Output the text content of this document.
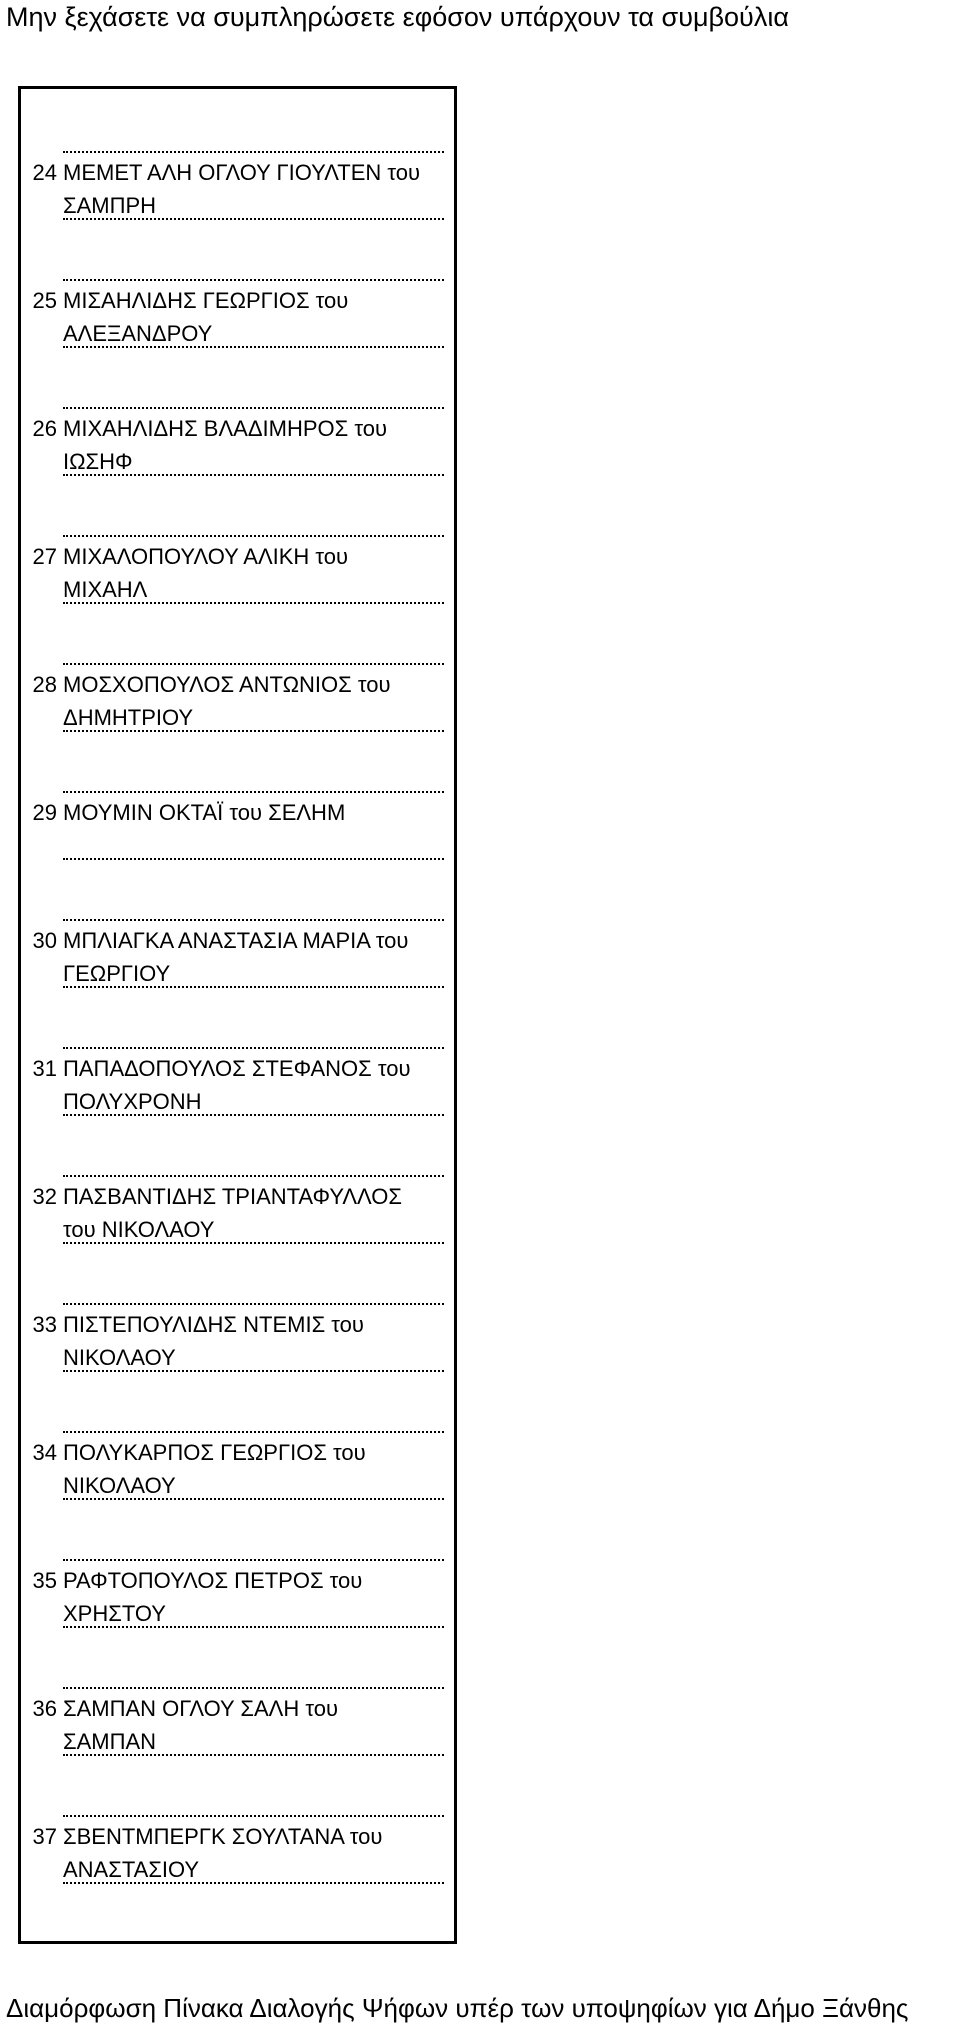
Μην ξεχάσετε να συμπληρώσετε εφόσον υπάρχουν τα συμβούλια
24 ΜΕΜΕΤ ΑΛΗ ΟΓΛΟΥ ΓΙΟΥΛΤΕΝ του ΣΑΜΠΡΗ
25 ΜΙΣΑΗΛΙΔΗΣ ΓΕΩΡΓΙΟΣ του ΑΛΕΞΑΝΔΡΟΥ
26 ΜΙΧΑΗΛΙΔΗΣ ΒΛΑΔΙΜΗΡΟΣ του ΙΩΣΗΦ
27 ΜΙΧΑΛΟΠΟΥΛΟΥ ΑΛΙΚΗ του ΜΙΧΑΗΛ
28 ΜΟΣΧΟΠΟΥΛΟΣ ΑΝΤΩΝΙΟΣ του ΔΗΜΗΤΡΙΟΥ
29 ΜΟΥΜΙΝ ΟΚΤΑΪ του ΣΕΛΗΜ
30 ΜΠΛΙΑΓΚΑ ΑΝΑΣΤΑΣΙΑ ΜΑΡΙΑ του ΓΕΩΡΓΙΟΥ
31 ΠΑΠΑΔΟΠΟΥΛΟΣ ΣΤΕΦΑΝΟΣ του ΠΟΛΥΧΡΟΝΗ
32 ΠΑΣΒΑΝΤΙΔΗΣ ΤΡΙΑΝΤΑΦΥΛΛΟΣ του ΝΙΚΟΛΑΟΥ
33 ΠΙΣΤΕΠΟΥΛΙΔΗΣ ΝΤΕΜΙΣ του ΝΙΚΟΛΑΟΥ
34 ΠΟΛΥΚΑΡΠΟΣ ΓΕΩΡΓΙΟΣ του ΝΙΚΟΛΑΟΥ
35 ΡΑΦΤΟΠΟΥΛΟΣ ΠΕΤΡΟΣ του ΧΡΗΣΤΟΥ
36 ΣΑΜΠΑΝ ΟΓΛΟΥ ΣΑΛΗ του ΣΑΜΠΑΝ
37 ΣΒΕΝΤΜΠΕΡΓΚ ΣΟΥΛΤΑΝΑ του ΑΝΑΣΤΑΣΙΟΥ
Διαμόρφωση Πίνακα Διαλογής Ψήφων υπέρ των υποψηφίων για Δήμο Ξάνθης
